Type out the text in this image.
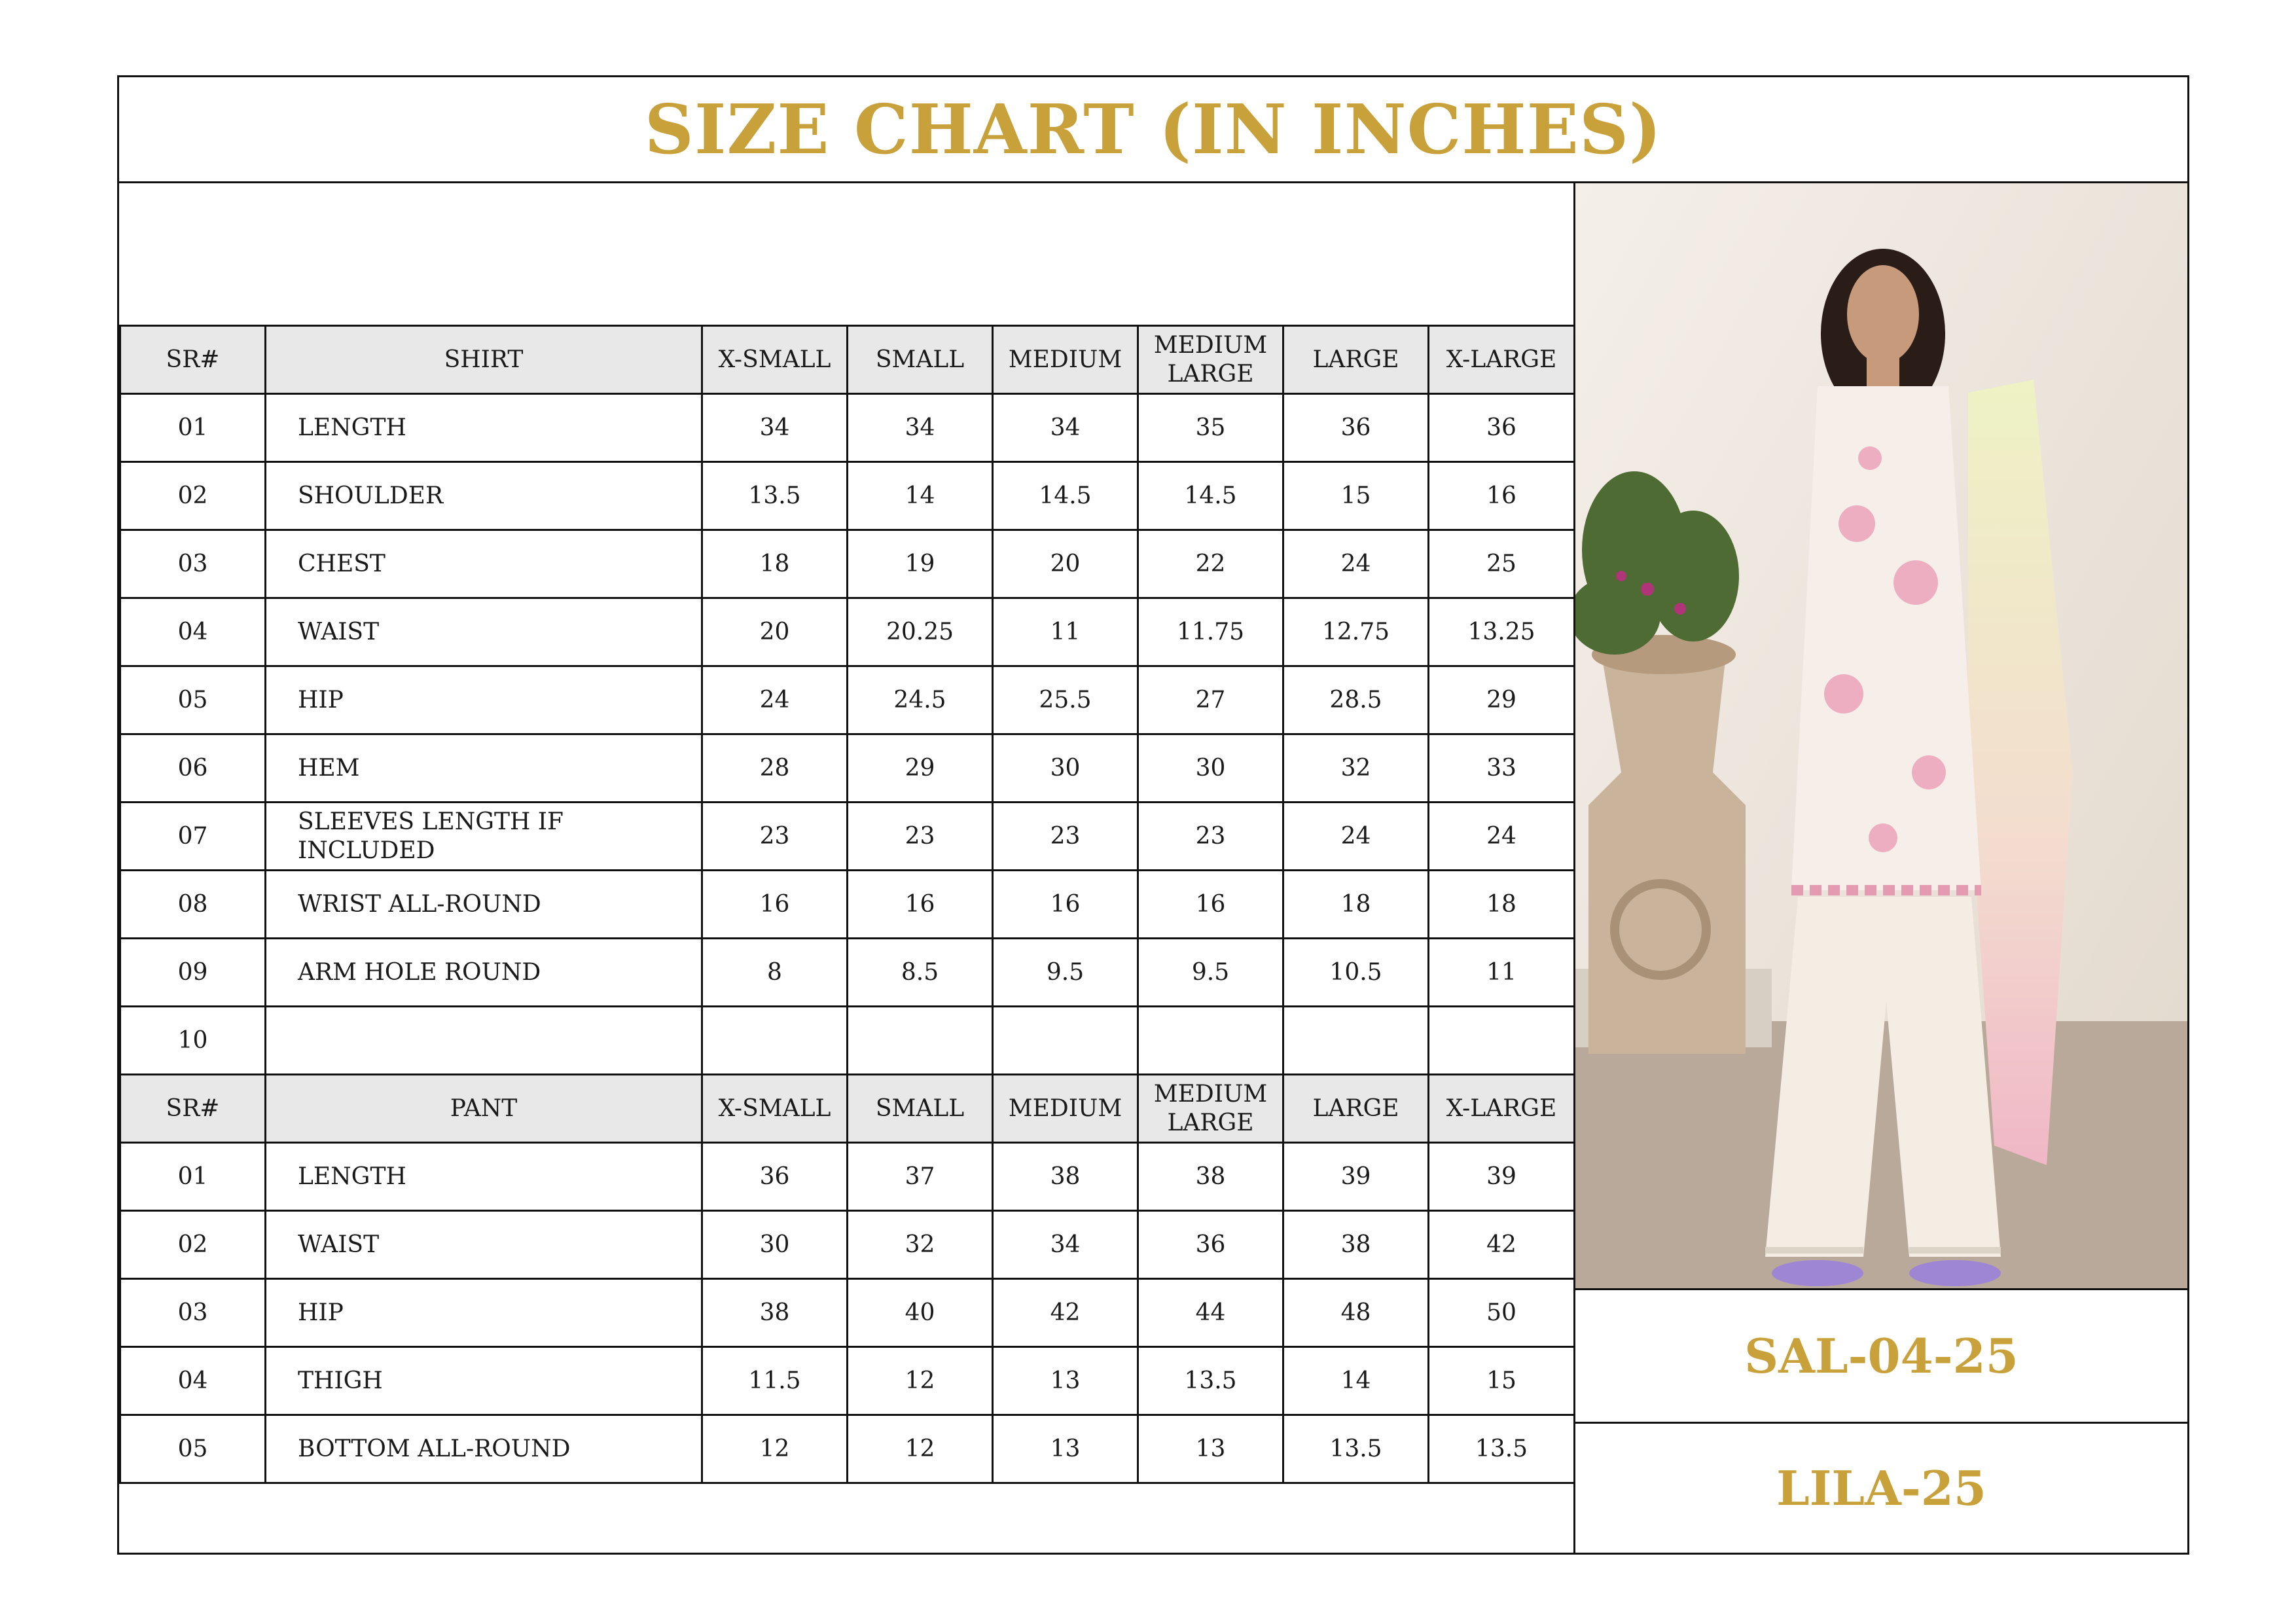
SIZE CHART (IN INCHES)
SR#	SHIRT	X-SMALL	SMALL	MEDIUM	MEDIUM LARGE	LARGE	X-LARGE
01	LENGTH	34	34	34	35	36	36
02	SHOULDER	13.5	14	14.5	14.5	15	16
03	CHEST	18	19	20	22	24	25
04	WAIST	20	20.25	11	11.75	12.75	13.25
05	HIP	24	24.5	25.5	27	28.5	29
06	HEM	28	29	30	30	32	33
07	SLEEVES LENGTH IF INCLUDED	23	23	23	23	24	24
08	WRIST ALL-ROUND	16	16	16	16	18	18
09	ARM HOLE ROUND	8	8.5	9.5	9.5	10.5	11
10							
SR#	PANT	X-SMALL	SMALL	MEDIUM	MEDIUM LARGE	LARGE	X-LARGE
01	LENGTH	36	37	38	38	39	39
02	WAIST	30	32	34	36	38	42
03	HIP	38	40	42	44	48	50
04	THIGH	11.5	12	13	13.5	14	15
05	BOTTOM ALL-ROUND	12	12	13	13	13.5	13.5
SAL-04-25
LILA-25
